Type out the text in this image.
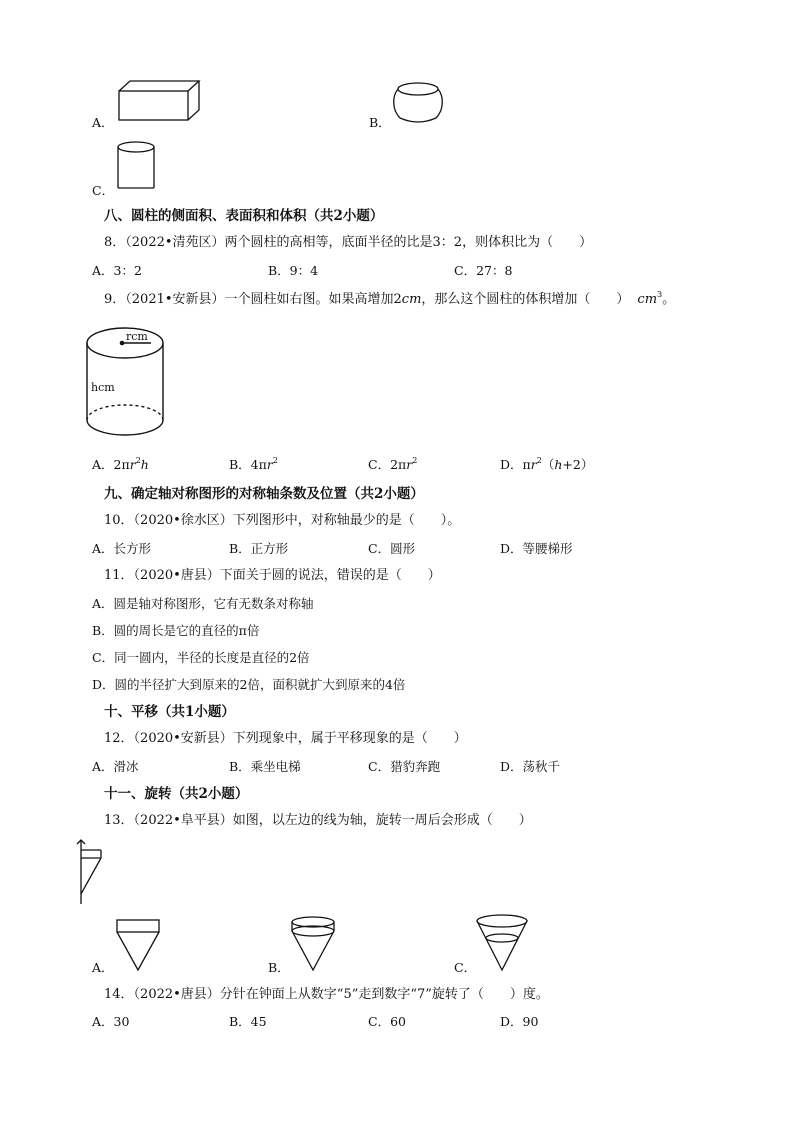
A．	B．
C．
八、圆柱的侧面积、表面积和体积（共2小题）
8．（2022•清苑区）两个圆柱的高相等，底面半径的比是3：2，则体积比为（　　）
A．3：2	B．9：4	C．27：8
9．（2021•安新县）一个圆柱如右图。如果高增加2cm，那么这个圆柱的体积增加（　　） $cm^3$。
rcm
hcm
A．$2\pi r^2h$	B．$4\pi r^2$	C．$2\pi r^2$	D．$\pi r^2(h+2)$
九、确定轴对称图形的对称轴条数及位置（共2小题）
10．（2020•徐水区）下列图形中，对称轴最少的是（　　）。
A．长方形	B．正方形	C．圆形	D．等腰梯形
11．（2020•唐县）下面关于圆的说法，错误的是（　　）
A．圆是轴对称图形，它有无数条对称轴
B．圆的周长是它的直径的π倍
C．同一圆内，半径的长度是直径的2倍
D．圆的半径扩大到原来的2倍，面积就扩大到原来的4倍
十、平移（共1小题）
12．（2020•安新县）下列现象中，属于平移现象的是（　　）
A．滑冰	B．乘坐电梯	C．猎豹奔跑	D．荡秋千
十一、旋转（共2小题）
13．（2022•阜平县）如图，以左边的线为轴，旋转一周后会形成（　　）
A．	B．	C．
14．（2022•唐县）分针在钟面上从数字“5”走到数字“7”旋转了（　　）度。
A．30	B．45	C．60	D．90
